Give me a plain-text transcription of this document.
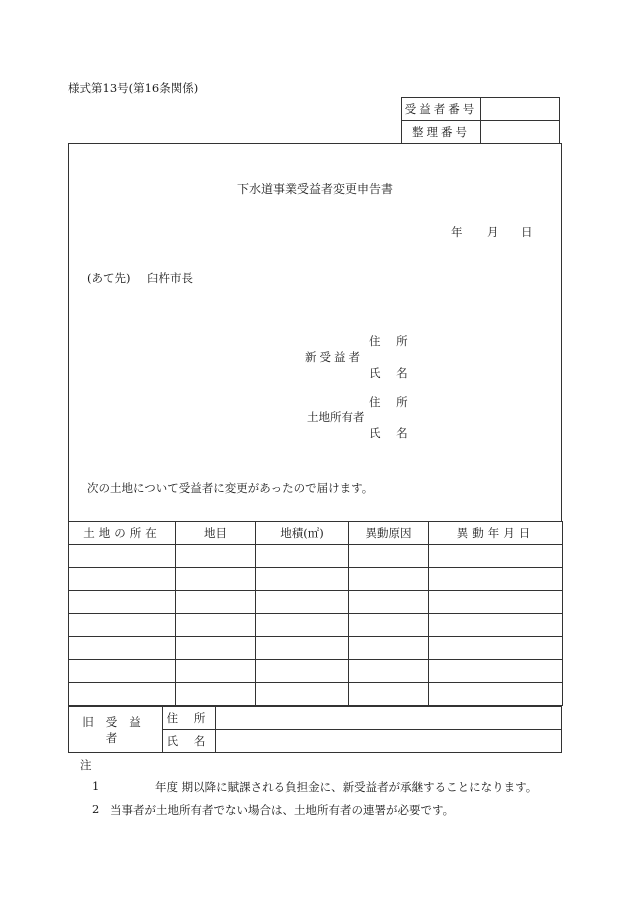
様式第13号(第16条関係)
受益者番号	
整理番号	
下水道事業受益者変更申告書
年 月 日
(あて先) 臼杵市長
住 所
新受益者
氏 名
住 所
土地所有者
氏 名
次の土地について受益者に変更があったので届けます。
土地の所在	地目	地積(㎡)	異動原因	異動年月日

旧受益者	住 所	
	氏 名	
注
1	年度 期以降に賦課される負担金に、新受益者が承継することになります。
2 当事者が土地所有者でない場合は、土地所有者の連署が必要です。
